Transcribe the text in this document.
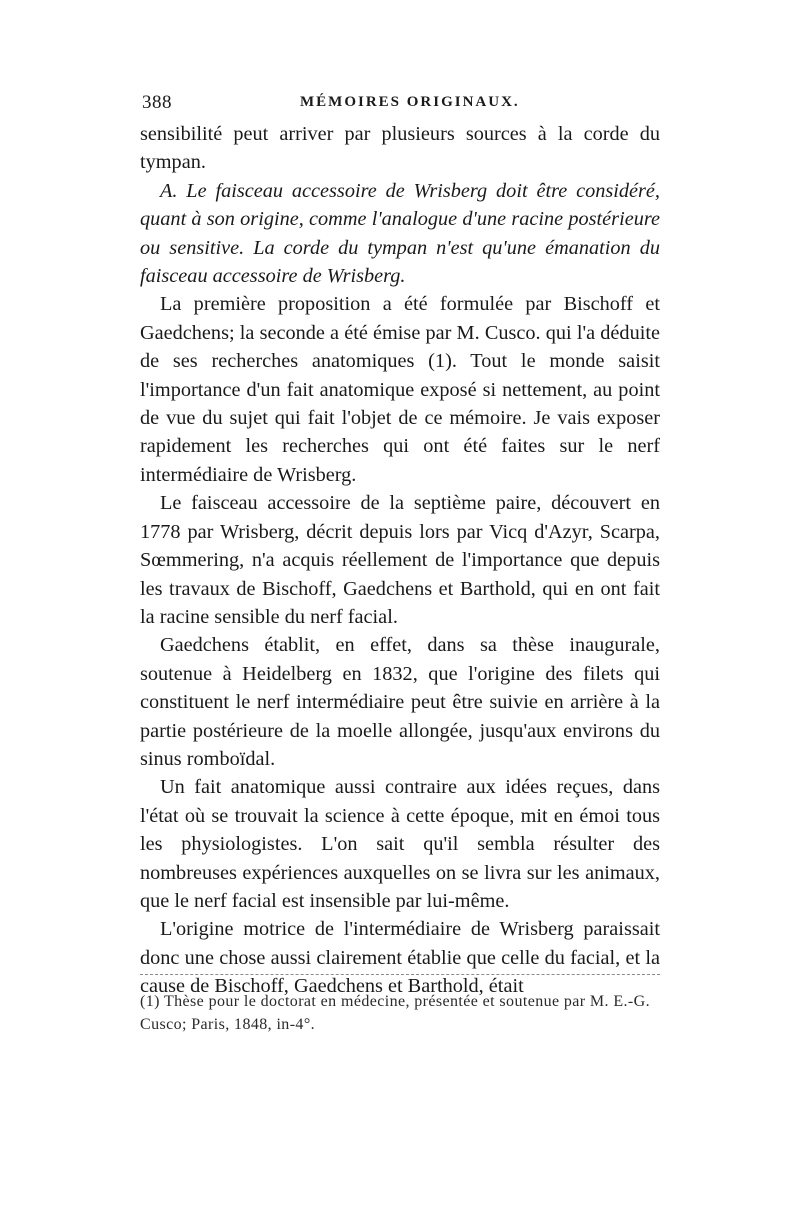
388	MÉMOIRES ORIGINAUX.

sensibilité peut arriver par plusieurs sources à la corde du tympan.

A. Le faisceau accessoire de Wrisberg doit être considéré, quant à son origine, comme l'analogue d'une racine postérieure ou sensitive. La corde du tympan n'est qu'une émanation du faisceau accessoire de Wrisberg.

La première proposition a été formulée par Bischoff et Gaedchens; la seconde a été émise par M. Cusco. qui l'a déduite de ses recherches anatomiques (1). Tout le monde saisit l'importance d'un fait anatomique exposé si nettement, au point de vue du sujet qui fait l'objet de ce mémoire. Je vais exposer rapidement les recherches qui ont été faites sur le nerf intermédiaire de Wrisberg.

Le faisceau accessoire de la septième paire, découvert en 1778 par Wrisberg, décrit depuis lors par Vicq d'Azyr, Scarpa, Sœmmering, n'a acquis réellement de l'importance que depuis les travaux de Bischoff, Gaedchens et Barthold, qui en ont fait la racine sensible du nerf facial.

Gaedchens établit, en effet, dans sa thèse inaugurale, soutenue à Heidelberg en 1832, que l'origine des filets qui constituent le nerf intermédiaire peut être suivie en arrière à la partie postérieure de la moelle allongée, jusqu'aux environs du sinus romboïdal.

Un fait anatomique aussi contraire aux idées reçues, dans l'état où se trouvait la science à cette époque, mit en émoi tous les physiologistes. L'on sait qu'il sembla résulter des nombreuses expériences auxquelles on se livra sur les animaux, que le nerf facial est insensible par lui-même.

L'origine motrice de l'intermédiaire de Wrisberg paraissait donc une chose aussi clairement établie que celle du facial, et la cause de Bischoff, Gaedchens et Barthold, était

(1) Thèse pour le doctorat en médecine, présentée et soutenue par M. E.-G. Cusco; Paris, 1848, in-4°.
